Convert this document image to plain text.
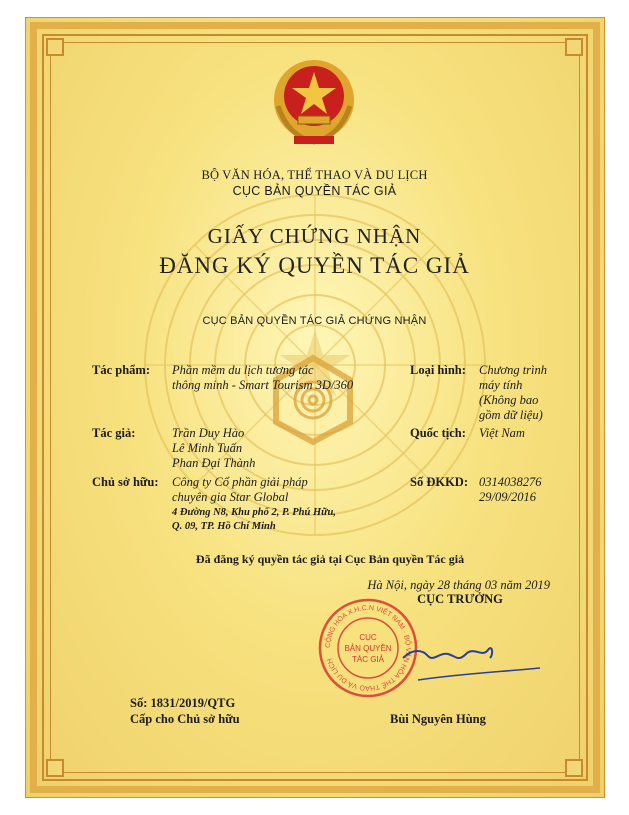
BỘ VĂN HÓA, THỂ THAO VÀ DU LỊCH
CỤC BẢN QUYỀN TÁC GIẢ
GIẤY CHỨNG NHẬN
ĐĂNG KÝ QUYỀN TÁC GIẢ
CỤC BẢN QUYỀN TÁC GIẢ CHỨNG NHẬN
Tác phẩm: Phần mềm du lịch tương tác
thông minh - Smart Tourism 3D/360
Loại hình: Chương trình
máy tính
(Không bao
gồm dữ liệu)
Tác giả:	Trần Duy Hào
Lê Minh Tuấn
Phan Đại Thành
Quốc tịch: Việt Nam
Chủ sở hữu: Công ty Cổ phần giải pháp
chuyên gia Star Global
4 Đường N8, Khu phố 2, P. Phú Hữu,
Q. 09, TP. Hồ Chí Minh
Số ĐKKD: 0314038276
29/09/2016
Đã đăng ký quyền tác giả tại Cục Bản quyền Tác giả
Hà Nội, ngày 28 tháng 03 năm 2019
CỤC TRƯỞNG
CỘNG HÒA X.H.C.N VIỆT NAM · BỘ VĂN HÓA THỂ THAO VÀ DU LỊCH
CỤC
BẢN QUYỀN
TÁC GIẢ
Số: 1831/2019/QTG
Cấp cho Chủ sở hữu	Bùi Nguyên Hùng
